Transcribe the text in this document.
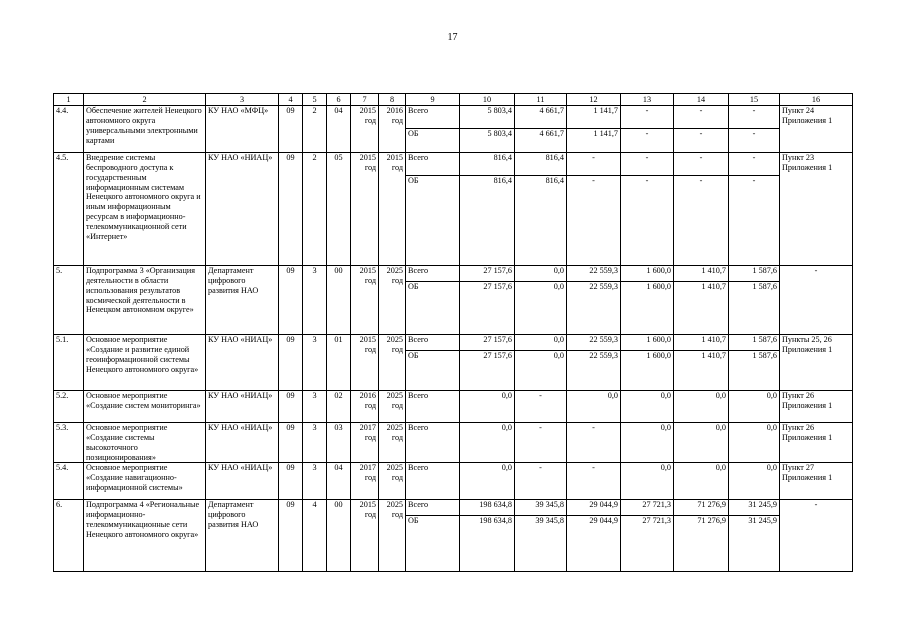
17
1	2	3	4	5	6	7	8	9	10	11	12	13	14	15	16
4.4.	Обеспечение жителей Ненецкого автономного округа универсальными электронными картами	КУ НАО «МФЦ»	09	2	04	2015 год	2016 год	Всего	5 803,4	4 661,7	1 141,7	-	-	-	Пункт 24 Приложения 1
								ОБ	5 803,4	4 661,7	1 141,7	-	-	-	
4.5.	Внедрение системы беспроводного доступа к государственным информационным системам Ненецкого автономного округа и иным информационным ресурсам в информационно-телекоммуникационной сети «Интернет»	КУ НАО «НИАЦ»	09	2	05	2015 год	2015 год	Всего	816,4	816,4	-	-	-	-	Пункт 23 Приложения 1
								ОБ	816,4	816,4	-	-	-	-	
5.	Подпрограмма 3 «Организация деятельности в области использования результатов космической деятельности в Ненецком автономном округе»	Департамент цифрового развития НАО	09	3	00	2015 год	2025 год	Всего	27 157,6	0,0	22 559,3	1 600,0	1 410,7	1 587,6	-
								ОБ	27 157,6	0,0	22 559,3	1 600,0	1 410,7	1 587,6	
5.1.	Основное мероприятие «Создание и развитие единой геоинформационной системы Ненецкого автономного округа»	КУ НАО «НИАЦ»	09	3	01	2015 год	2025 год	Всего	27 157,6	0,0	22 559,3	1 600,0	1 410,7	1 587,6	Пункты 25, 26 Приложения 1
								ОБ	27 157,6	0,0	22 559,3	1 600,0	1 410,7	1 587,6	
5.2.	Основное мероприятие «Создание систем мониторинга»	КУ НАО «НИАЦ»	09	3	02	2016 год	2025 год	Всего	0,0	-	0,0	0,0	0,0	0,0	Пункт 26 Приложения 1
5.3.	Основное мероприятие «Создание системы высокоточного позиционирования»	КУ НАО «НИАЦ»	09	3	03	2017 год	2025 год	Всего	0,0	-	-	0,0	0,0	0,0	Пункт 26 Приложения 1
5.4.	Основное мероприятие «Создание навигационно-информационной системы»	КУ НАО «НИАЦ»	09	3	04	2017 год	2025 год	Всего	0,0	-	-	0,0	0,0	0,0	Пункт 27 Приложения 1
6.	Подпрограмма 4 «Региональные информационно-телекоммуникационные сети Ненецкого автономного округа»	Департамент цифрового развития НАО	09	4	00	2015 год	2025 год	Всего	198 634,8	39 345,8	29 044,9	27 721,3	71 276,9	31 245,9	-
								ОБ	198 634,8	39 345,8	29 044,9	27 721,3	71 276,9	31 245,9	
